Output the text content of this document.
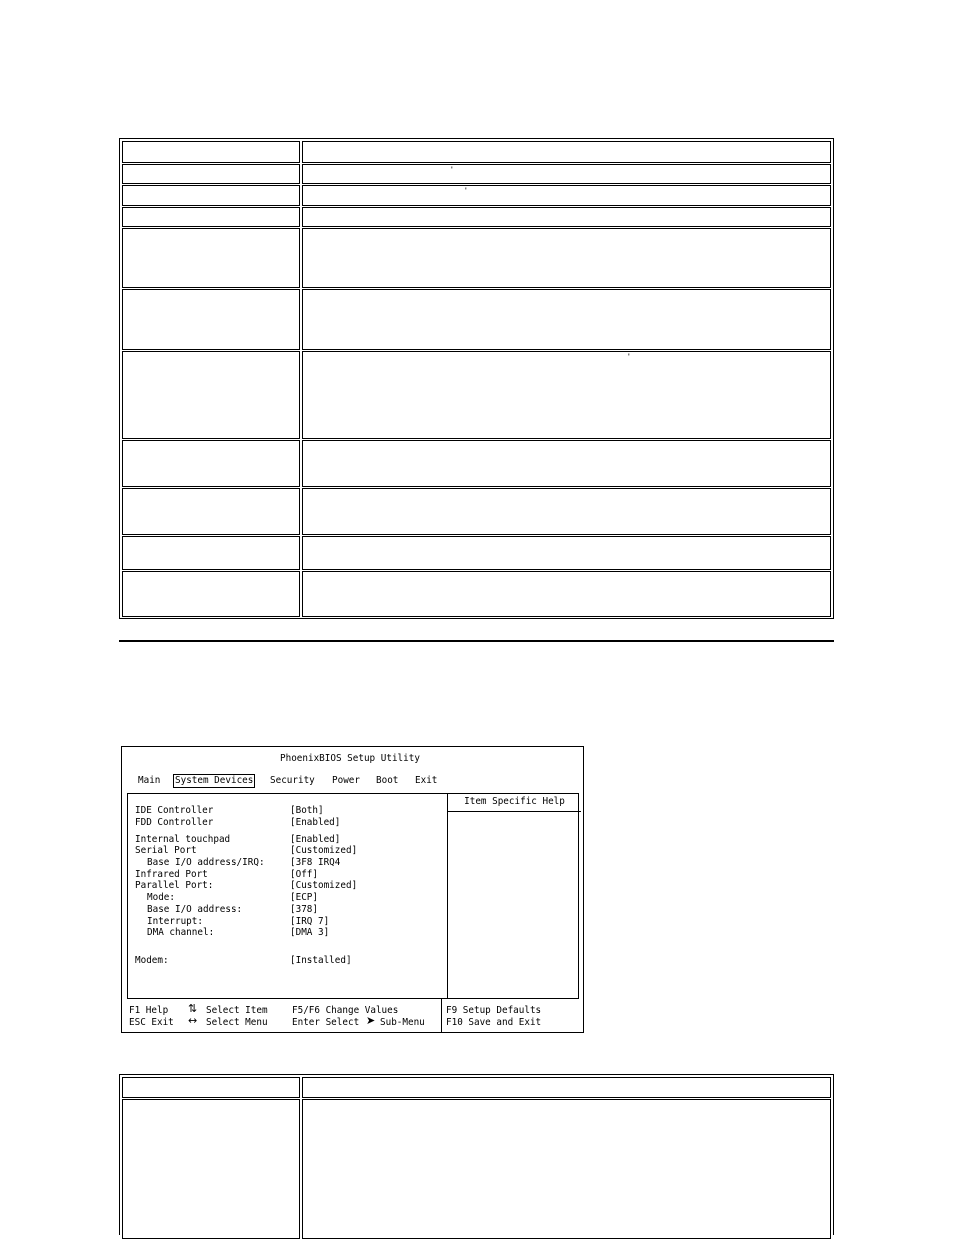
'
'
'
PhoenixBIOS Setup Utility
Main System Devices Security Power Boot Exit
IDE Controller	[Both]
FDD Controller	[Enabled]
Internal touchpad	[Enabled]
Serial Port	[Customized]
Base I/O address/IRQ:	[3F8 IRQ4
Infrared Port	[Off]
Parallel Port:	[Customized]
Mode:	[ECP]
Base I/O address:	[378]
Interrupt:	[IRQ 7]
DMA channel:	[DMA 3]
Modem:	[Installed]
Item Specific Help
F1 Help ⇅ Select Item	F5/F6 Change Values	F9 Setup Defaults
ESC Exit ↔ Select Menu	Enter Select ➤ Sub-Menu F10 Save and Exit
